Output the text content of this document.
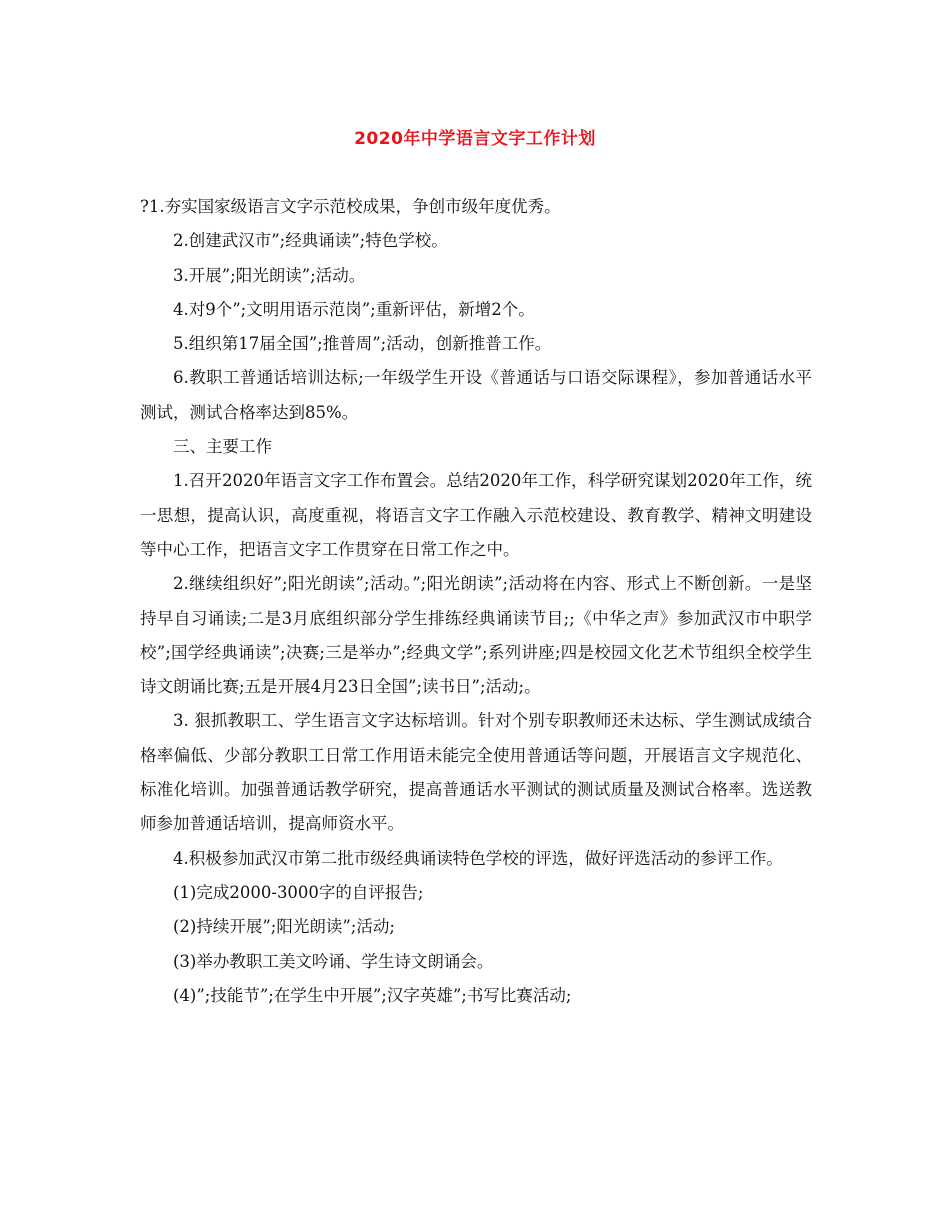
2020年中学语言文字工作计划

?1.夯实国家级语言文字示范校成果，争创市级年度优秀。

2.创建武汉市”;经典诵读”;特色学校。

3.开展”;阳光朗读”;活动。

4.对9个”;文明用语示范岗”;重新评估，新增2个。

5.组织第17届全国”;推普周”;活动，创新推普工作。

6.教职工普通话培训达标;一年级学生开设《普通话与口语交际课程》，参加普通话水平测试，测试合格率达到85%。

三、主要工作

1.召开2020年语言文字工作布置会。总结2020年工作，科学研究谋划2020年工作，统一思想，提高认识，高度重视，将语言文字工作融入示范校建设、教育教学、精神文明建设等中心工作，把语言文字工作贯穿在日常工作之中。

2.继续组织好”;阳光朗读”;活动。”;阳光朗读”;活动将在内容、形式上不断创新。一是坚持早自习诵读;二是3月底组织部分学生排练经典诵读节目;;《中华之声》参加武汉市中职学校”;国学经典诵读”;决赛;三是举办”;经典文学”;系列讲座;四是校园文化艺术节组织全校学生诗文朗诵比赛;五是开展4月23日全国”;读书日”;活动;。

3. 狠抓教职工、学生语言文字达标培训。针对个别专职教师还未达标、学生测试成绩合格率偏低、少部分教职工日常工作用语未能完全使用普通话等问题，开展语言文字规范化、标准化培训。加强普通话教学研究，提高普通话水平测试的测试质量及测试合格率。选送教师参加普通话培训，提高师资水平。

4.积极参加武汉市第二批市级经典诵读特色学校的评选，做好评选活动的参评工作。

(1)完成2000-3000字的自评报告;

(2)持续开展”;阳光朗读”;活动;

(3)举办教职工美文吟诵、学生诗文朗诵会。

(4)”;技能节”;在学生中开展”;汉字英雄”;书写比赛活动;
